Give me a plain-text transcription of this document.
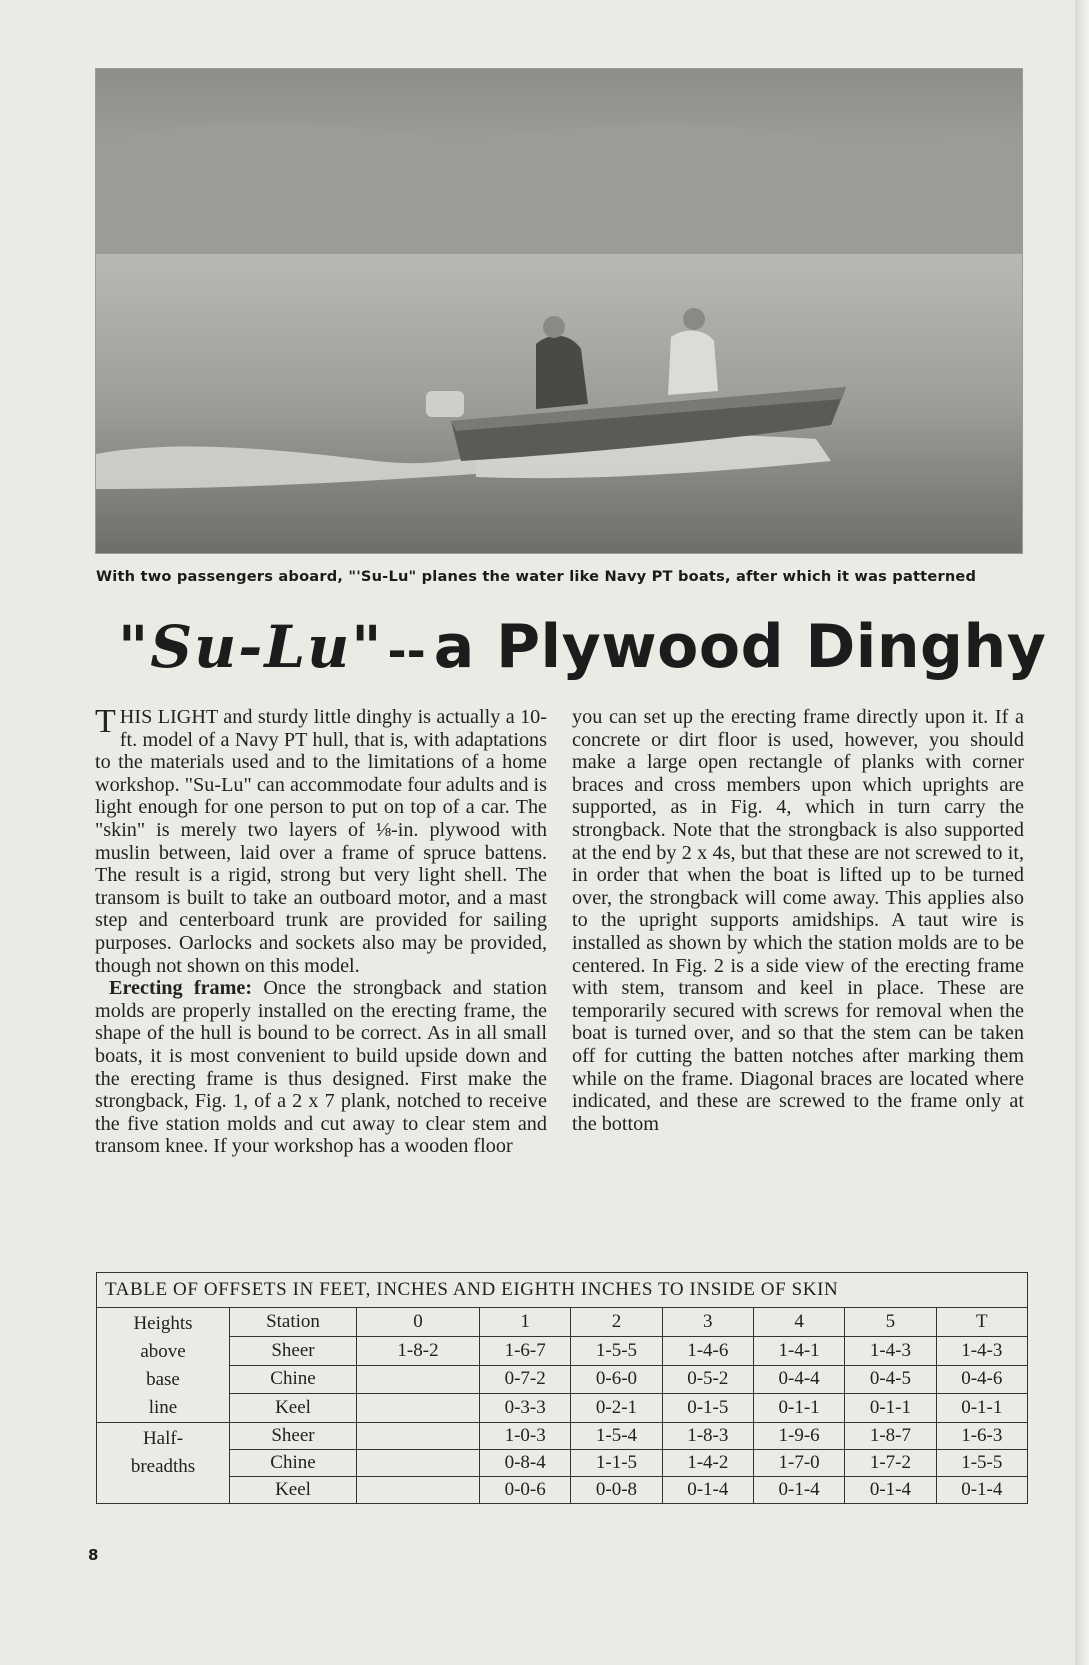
With two passengers aboard, "'Su-Lu" planes the water like Navy PT boats, after which it was patterned
"Su-Lu"-- a Plywood Dinghy

THIS LIGHT and sturdy little dinghy is actually a 10-ft. model of a Navy PT hull, that is, with adaptations to the materials used and to the limitations of a home workshop. "Su-Lu" can accommodate four adults and is light enough for one person to put on top of a car. The "skin" is merely two layers of ⅛-in. plywood with muslin between, laid over a frame of spruce battens. The result is a rigid, strong but very light shell. The transom is built to take an outboard motor, and a mast step and centerboard trunk are provided for sailing purposes. Oarlocks and sockets also may be provided, though not shown on this model.

Erecting frame: Once the strongback and station molds are properly installed on the erecting frame, the shape of the hull is bound to be correct. As in all small boats, it is most convenient to build upside down and the erecting frame is thus designed. First make the strongback, Fig. 1, of a 2 x 7 plank, notched to receive the five station molds and cut away to clear stem and transom knee. If your workshop has a wooden floor

you can set up the erecting frame directly upon it. If a concrete or dirt floor is used, however, you should make a large open rectangle of planks with corner braces and cross members upon which uprights are supported, as in Fig. 4, which in turn carry the strongback. Note that the strongback is also supported at the end by 2 x 4s, but that these are not screwed to it, in order that when the boat is lifted up to be turned over, the strongback will come away. This applies also to the upright supports amidships. A taut wire is installed as shown by which the station molds are to be centered. In Fig. 2 is a side view of the erecting frame with stem, transom and keel in place. These are temporarily secured with screws for removal when the boat is turned over, and so that the stem can be taken off for cutting the batten notches after marking them while on the frame. Diagonal braces are located where indicated, and these are screwed to the frame only at the bottom

TABLE OF OFFSETS IN FEET, INCHES AND EIGHTH INCHES TO INSIDE OF SKIN								

Heights
above
base
line	Station	0	1	2	3	4	5	T
	Sheer	1-8-2	1-6-7	1-5-5	1-4-6	1-4-1	1-4-3	1-4-3
	Chine		0-7-2	0-6-0	0-5-2	0-4-4	0-4-5	0-4-6
	Keel		0-3-3	0-2-1	0-1-5	0-1-1	0-1-1	0-1-1

Half-
breadths	Sheer		1-0-3	1-5-4	1-8-3	1-9-6	1-8-7	1-6-3
	Chine		0-8-4	1-1-5	1-4-2	1-7-0	1-7-2	1-5-5
	Keel		0-0-6	0-0-8	0-1-4	0-1-4	0-1-4	0-1-4
8
